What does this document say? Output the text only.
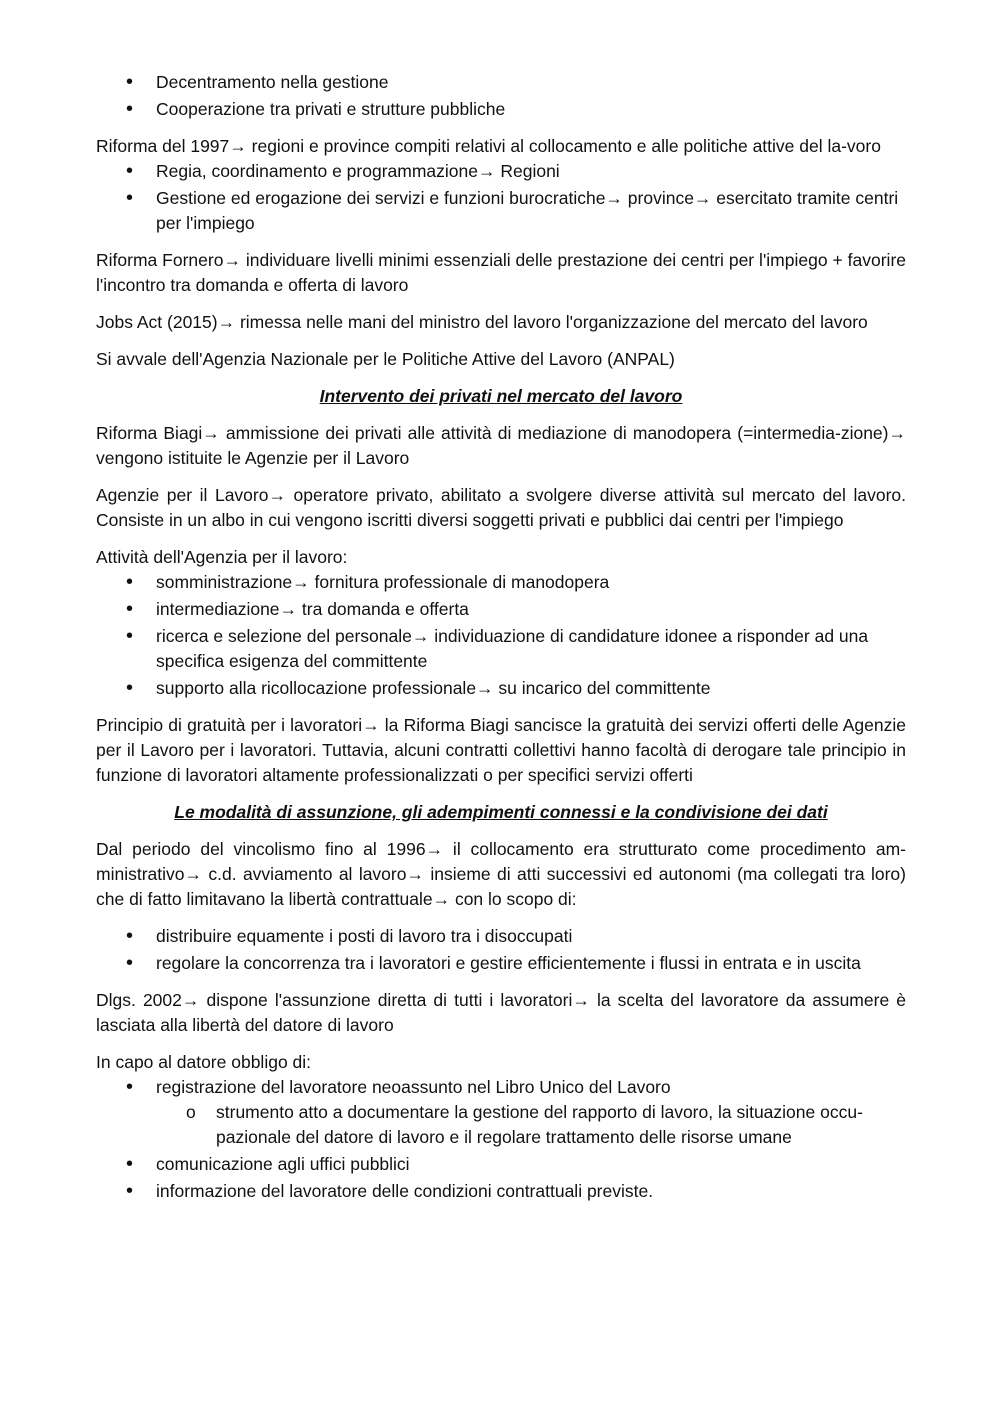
•
Decentramento nella gestione
•
Cooperazione tra privati e strutture pubbliche

Riforma del 1997→ regioni e province compiti relativi al collocamento e alle politiche attive del la-voro

•
Regia, coordinamento e programmazione→ Regioni
•
Gestione ed erogazione dei servizi e funzioni burocratiche→ province→ esercitato tramite centri per l'impiego

Riforma Fornero→ individuare livelli minimi essenziali delle prestazione dei centri per l'impiego + favorire l'incontro tra domanda e offerta di lavoro

Jobs Act (2015)→ rimessa nelle mani del ministro del lavoro l'organizzazione del mercato del lavoro

Si avvale dell'Agenzia Nazionale per le Politiche Attive del Lavoro (ANPAL)

Intervento dei privati nel mercato del lavoro

Riforma Biagi→ ammissione dei privati alle attività di mediazione di manodopera (=intermedia-zione)→ vengono istituite le Agenzie per il Lavoro

Agenzie per il Lavoro→ operatore privato, abilitato a svolgere diverse attività sul mercato del lavoro. Consiste in un albo in cui vengono iscritti diversi soggetti privati e pubblici dai centri per l'impiego

Attività dell'Agenzia per il lavoro:

•
somministrazione→ fornitura professionale di manodopera
•
intermediazione→ tra domanda e offerta
•
ricerca e selezione del personale→ individuazione di candidature idonee a risponder ad una specifica esigenza del committente
•
supporto alla ricollocazione professionale→ su incarico del committente

Principio di gratuità per i lavoratori→ la Riforma Biagi sancisce la gratuità dei servizi offerti delle Agenzie per il Lavoro per i lavoratori. Tuttavia, alcuni contratti collettivi hanno facoltà di derogare tale principio in funzione di lavoratori altamente professionalizzati o per specifici servizi offerti

Le modalità di assunzione, gli adempimenti connessi e la condivisione dei dati

Dal periodo del vincolismo fino al 1996→ il collocamento era strutturato come procedimento am-ministrativo→ c.d. avviamento al lavoro→ insieme di atti successivi ed autonomi (ma collegati tra loro) che di fatto limitavano la libertà contrattuale→ con lo scopo di:

•
distribuire equamente i posti di lavoro tra i disoccupati
•
regolare la concorrenza tra i lavoratori e gestire efficientemente i flussi in entrata e in uscita

Dlgs. 2002→ dispone l'assunzione diretta di tutti i lavoratori→ la scelta del lavoratore da assumere è lasciata alla libertà del datore di lavoro

In capo al datore obbligo di:

•
registrazione del lavoratore neoassunto nel Libro Unico del Lavoro
o
strumento atto a documentare la gestione del rapporto di lavoro, la situazione occu-pazionale del datore di lavoro e il regolare trattamento delle risorse umane
•
comunicazione agli uffici pubblici
•
informazione del lavoratore delle condizioni contrattuali previste.
